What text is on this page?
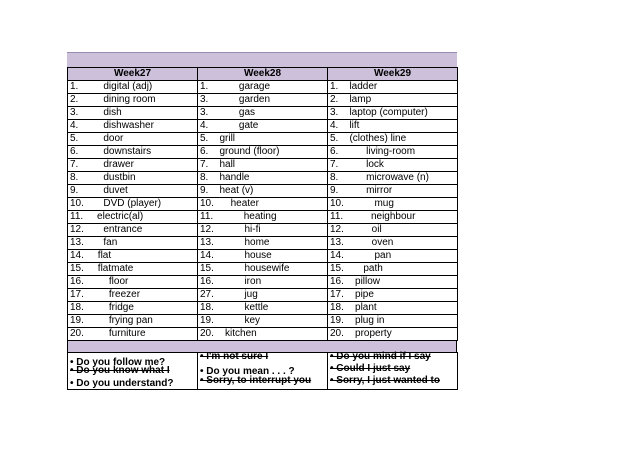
Week27	Week28	Week29
1.         digital (adj)	1.           garage	1.    ladder
2.         dining room	3.           garden	2.    lamp
3.         dish	3.           gas	3.    laptop (computer)
4.         dishwasher	4.           gate	4.    lift
5.         door	5.    grill	5.    (clothes) line
6.         downstairs	6.    ground (floor)	6.          living-room
7.         drawer	7.    hall	7.          lock
8.         dustbin	8.    handle	8.          microwave (n)
9.         duvet	9.    heat (v)	9.          mirror
10.       DVD (player)	10.      heater	10.           mug
11.     electric(al)	11.           heating	11.          neighbour
12.       entrance	12.           hi-fi	12.          oil
13.       fan	13.           home	13.          oven
14.     flat	14.           house	14.           pan
15.     flatmate	15.           housewife	15.       path
16.         floor	16.           iron	16.    pillow
17.         freezer	27.           jug	17.    pipe
18.         fridge	18.           kettle	18.    plant
19.         frying pan	19.           key	19.    plug in
20.         furniture	20.    kitchen	20.    property
• Do you follow me?
• Do you know what I
• Do you understand?

• I'm not sure I
• Do you mean . . . ?
• Sorry, to interrupt you

• Do you mind if I say
• Could I just say
• Sorry, I just wanted to
